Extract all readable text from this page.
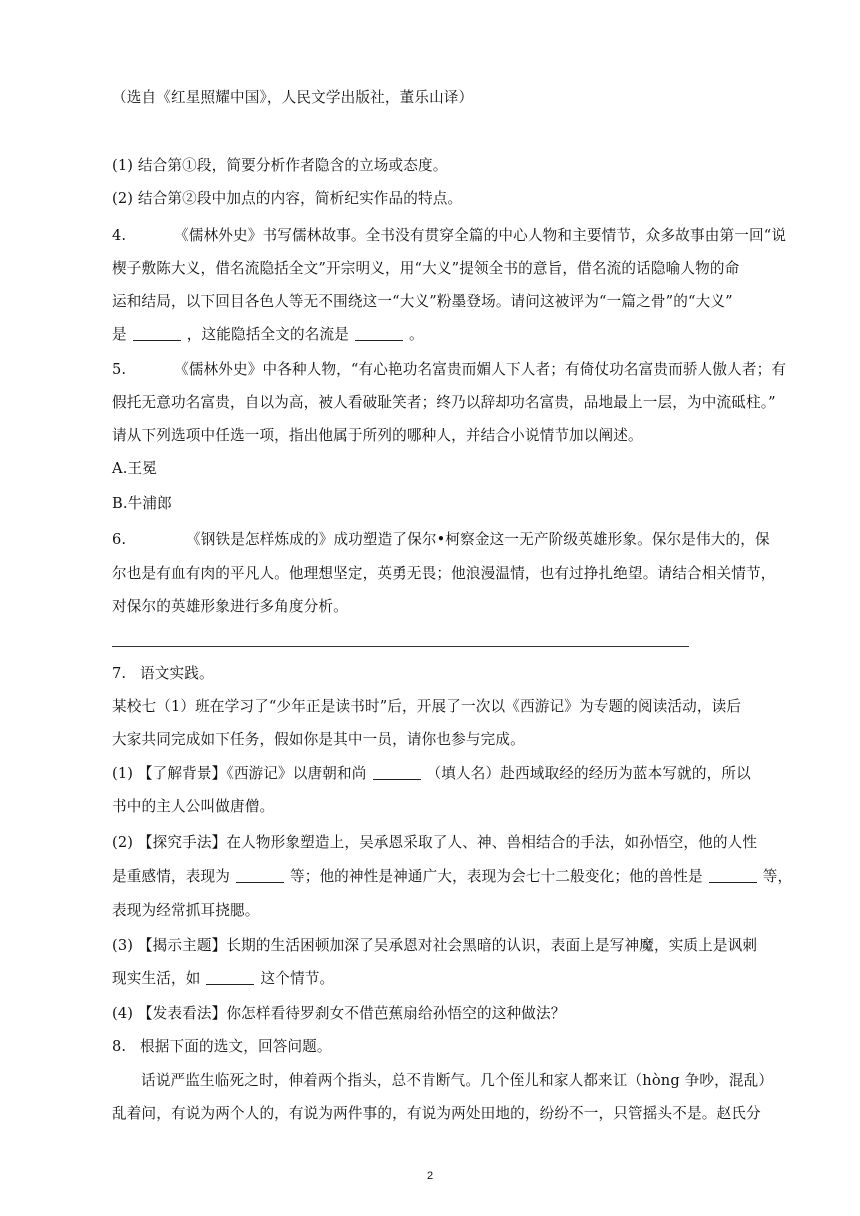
（选自《红星照耀中国》，人民文学出版社，董乐山译）
(1) 结合第①段，简要分析作者隐含的立场或态度。
(2) 结合第②段中加点的内容，简析纪实作品的特点。
4.	《儒林外史》书写儒林故事。全书没有贯穿全篇的中心人物和主要情节，众多故事由第一回“说
楔子敷陈大义，借名流隐括全文”开宗明义，用“大义”提领全书的意旨，借名流的话隐喻人物的命
运和结局，以下回目各色人等无不围绕这一“大义”粉墨登场。请问这被评为“一篇之骨”的“大义”
是	，这能隐括全文的名流是	。
5.	《儒林外史》中各种人物，“有心艳功名富贵而媚人下人者；有倚仗功名富贵而骄人傲人者；有
假托无意功名富贵，自以为高，被人看破耻笑者；终乃以辞却功名富贵，品地最上一层，为中流砥柱。”
请从下列选项中任选一项，指出他属于所列的哪种人，并结合小说情节加以阐述。
A.王冕
B.牛浦郎
6.	《钢铁是怎样炼成的》成功塑造了保尔•柯察金这一无产阶级英雄形象。保尔是伟大的，保
尔也是有血有肉的平凡人。他理想坚定，英勇无畏；他浪漫温情，也有过挣扎绝望。请结合相关情节，
对保尔的英雄形象进行多角度分析。
7. 语文实践。
某校七（1）班在学习了“少年正是读书时”后，开展了一次以《西游记》为专题的阅读活动，读后
大家共同完成如下任务，假如你是其中一员，请你也参与完成。
(1) 【了解背景】《西游记》以唐朝和尚	（填人名）赴西域取经的经历为蓝本写就的，所以
书中的主人公叫做唐僧。
(2) 【探究手法】在人物形象塑造上，吴承恩采取了人、神、兽相结合的手法，如孙悟空，他的人性
是重感情，表现为	等；他的神性是神通广大，表现为会七十二般变化；他的兽性是	等，
表现为经常抓耳挠腮。
(3) 【揭示主题】长期的生活困顿加深了吴承恩对社会黑暗的认识，表面上是写神魔，实质上是讽刺
现实生活，如	这个情节。
(4) 【发表看法】你怎样看待罗刹女不借芭蕉扇给孙悟空的这种做法？
8. 根据下面的选文，回答问题。
话说严监生临死之时，伸着两个指头，总不肯断气。几个侄儿和家人都来讧（hòng 争吵，混乱）
乱着问，有说为两个人的，有说为两件事的，有说为两处田地的，纷纷不一，只管摇头不是。赵氏分
2
